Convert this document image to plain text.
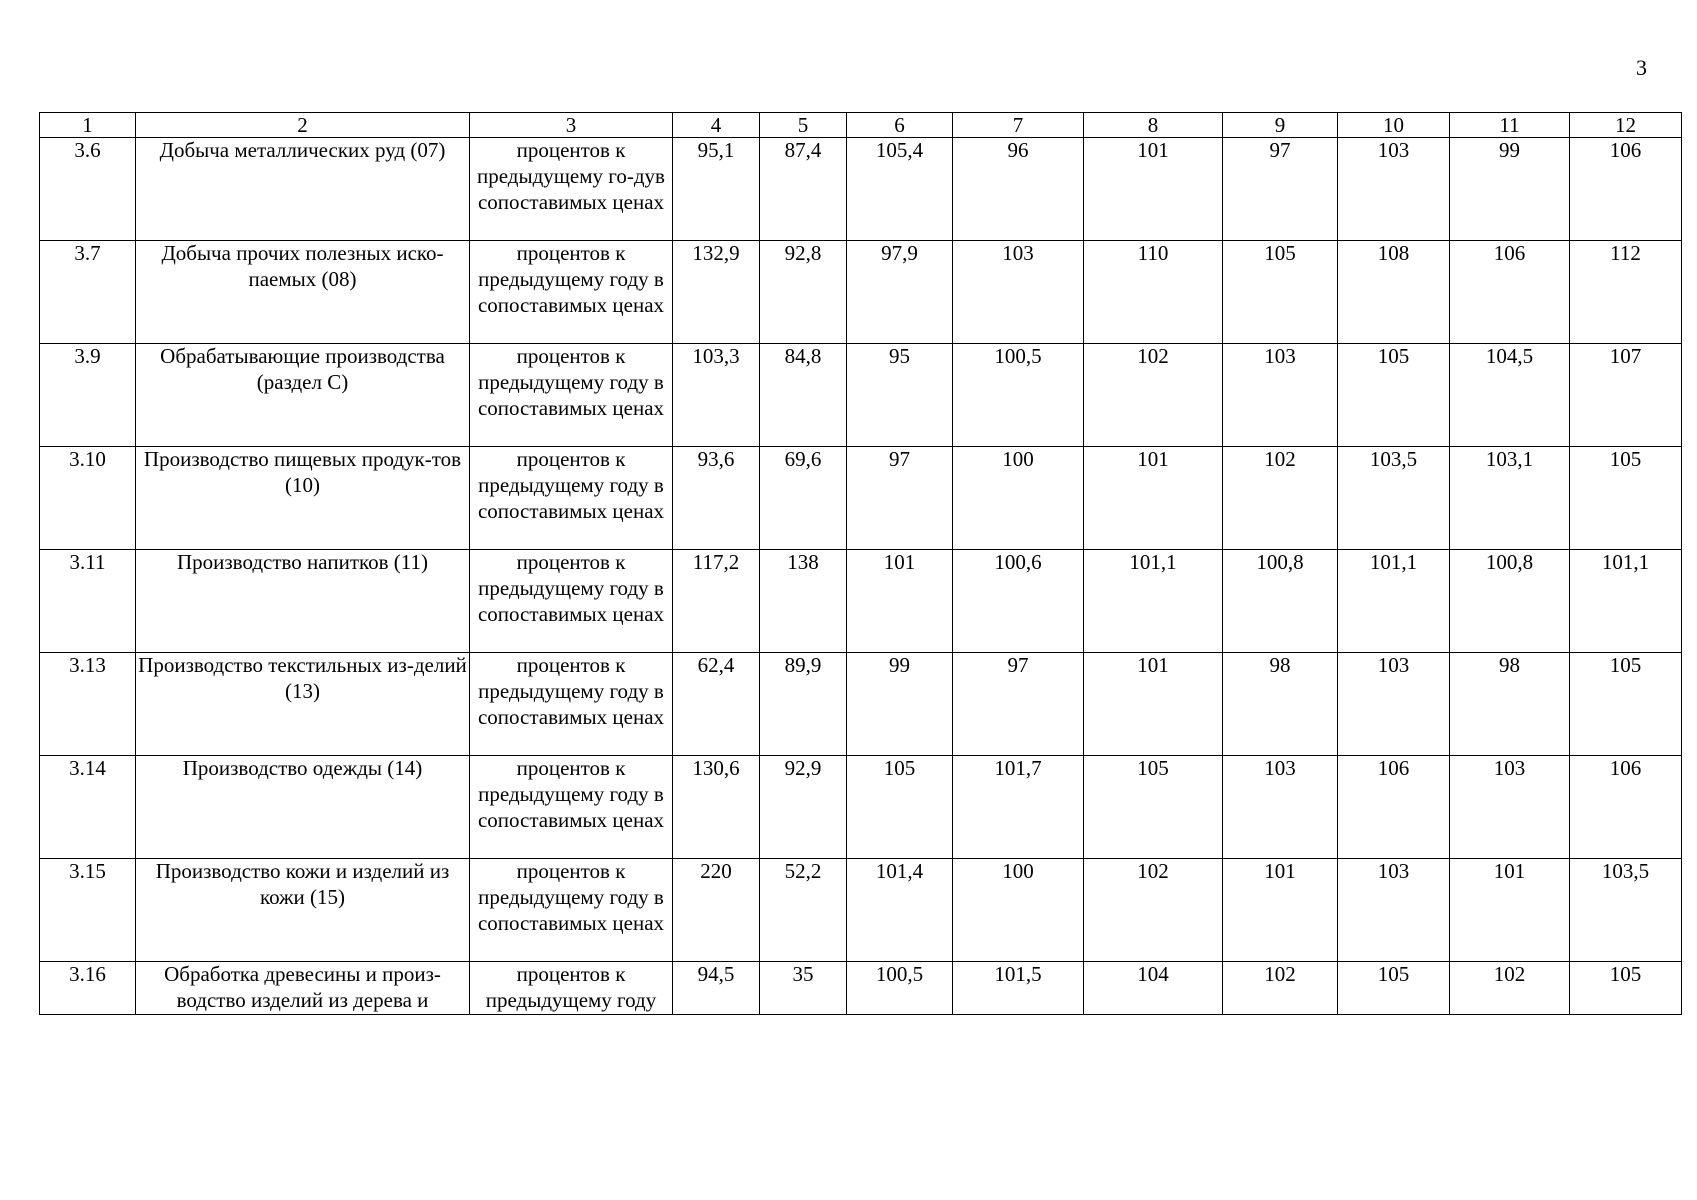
3
1	2	3	4	5	6	7	8	9	10	11	12
3.6	Добыча металлических руд (07)	процентов к предыдущему го-дув сопоставимых ценах	95,1	87,4	105,4	96	101	97	103	99	106
3.7	Добыча прочих полезных иско-паемых (08)	процентов к предыдущему году в сопоставимых ценах	132,9	92,8	97,9	103	110	105	108	106	112
3.9	Обрабатывающие производства (раздел С)	процентов к предыдущему году в сопоставимых ценах	103,3	84,8	95	100,5	102	103	105	104,5	107
3.10	Производство пищевых продук-тов (10)	процентов к предыдущему году в сопоставимых ценах	93,6	69,6	97	100	101	102	103,5	103,1	105
3.11	Производство напитков (11)	процентов к предыдущему году в сопоставимых ценах	117,2	138	101	100,6	101,1	100,8	101,1	100,8	101,1
3.13	Производство текстильных из-делий (13)	процентов к предыдущему году в сопоставимых ценах	62,4	89,9	99	97	101	98	103	98	105
3.14	Производство одежды (14)	процентов к предыдущему году в сопоставимых ценах	130,6	92,9	105	101,7	105	103	106	103	106
3.15	Производство кожи и изделий из кожи (15)	процентов к предыдущему году в сопоставимых ценах	220	52,2	101,4	100	102	101	103	101	103,5
3.16	Обработка древесины и произ-водство изделий из дерева и	процентов к предыдущему году	94,5	35	100,5	101,5	104	102	105	102	105
